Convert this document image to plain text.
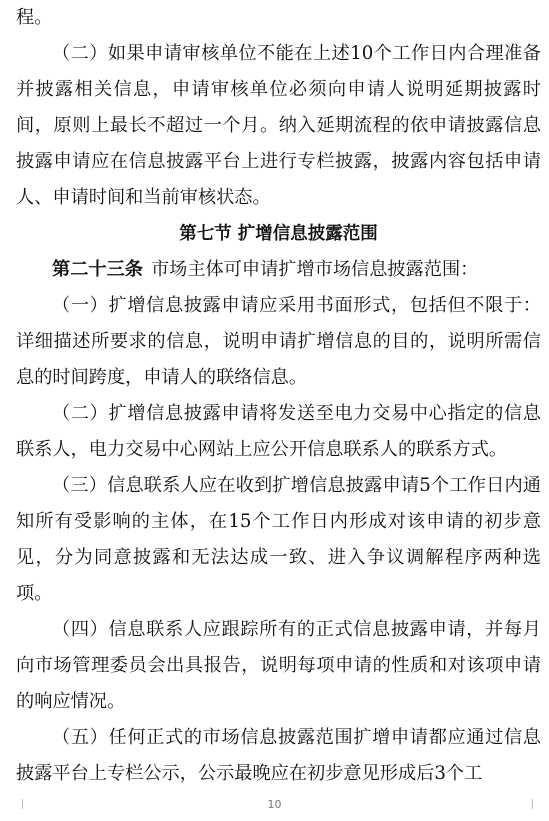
程。

（二）如果申请审核单位不能在上述10个工作日内合理准备并披露相关信息，申请审核单位必须向申请人说明延期披露时间，原则上最长不超过一个月。纳入延期流程的依申请披露信息披露申请应在信息披露平台上进行专栏披露，披露内容包括申请人、申请时间和当前审核状态。

第七节 扩增信息披露范围

第二十三条 市场主体可申请扩增市场信息披露范围：

（一）扩增信息披露申请应采用书面形式，包括但不限于：详细描述所要求的信息，说明申请扩增信息的目的，说明所需信息的时间跨度，申请人的联络信息。

（二）扩增信息披露申请将发送至电力交易中心指定的信息联系人，电力交易中心网站上应公开信息联系人的联系方式。

（三）信息联系人应在收到扩增信息披露申请5个工作日内通知所有受影响的主体，在15个工作日内形成对该申请的初步意见，分为同意披露和无法达成一致、进入争议调解程序两种选项。

（四）信息联系人应跟踪所有的正式信息披露申请，并每月向市场管理委员会出具报告，说明每项申请的性质和对该项申请的响应情况。

（五）任何正式的市场信息披露范围扩增申请都应通过信息披露平台上专栏公示，公示最晚应在初步意见形成后3个工

10
